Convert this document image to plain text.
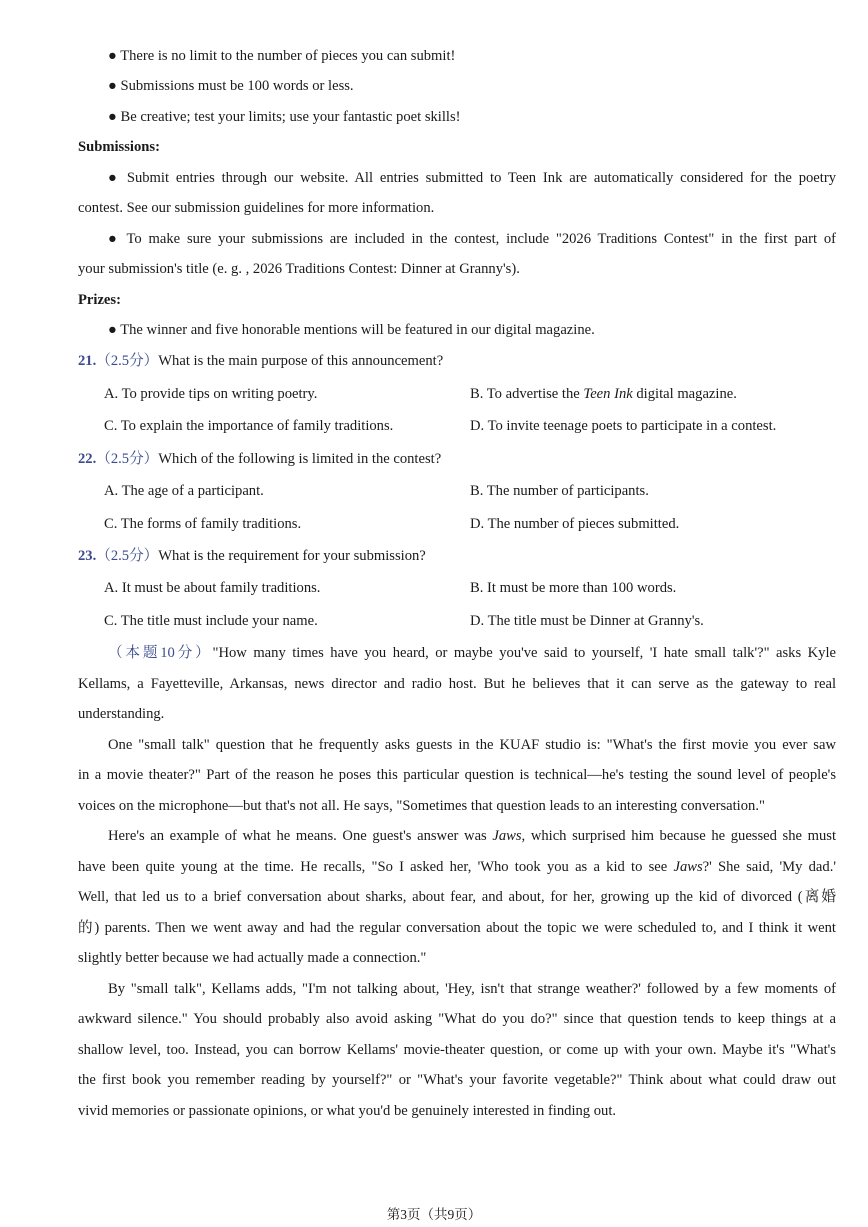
● There is no limit to the number of pieces you can submit!
● Submissions must be 100 words or less.
● Be creative; test your limits; use your fantastic poet skills!
Submissions:
● Submit entries through our website. All entries submitted to Teen Ink are automatically considered for the poetry
contest. See our submission guidelines for more information.
● To make sure your submissions are included in the contest, include "2026 Traditions Contest" in the first part of
your submission's title (e. g. , 2026 Traditions Contest: Dinner at Granny's).
Prizes:
● The winner and five honorable mentions will be featured in our digital magazine.
21.（2.5分）What is the main purpose of this announcement?
A. To provide tips on writing poetry.	B. To advertise the Teen Ink digital magazine.
C. To explain the importance of family traditions.	D. To invite teenage poets to participate in a contest.
22.（2.5分）Which of the following is limited in the contest?
A. The age of a participant.	B. The number of participants.
C. The forms of family traditions.	D. The number of pieces submitted.
23.（2.5分）What is the requirement for your submission?
A. It must be about family traditions.	B. It must be more than 100 words.
C. The title must include your name.	D. The title must be Dinner at Granny's.
（本题10分）"How many times have you heard, or maybe you've said to yourself, 'I hate small talk'?" asks Kyle
Kellams, a Fayetteville, Arkansas, news director and radio host. But he believes that it can serve as the gateway to real
understanding.
One "small talk" question that he frequently asks guests in the KUAF studio is: "What's the first movie you ever saw
in a movie theater?" Part of the reason he poses this particular question is technical—he's testing the sound level of people's
voices on the microphone—but that's not all. He says, "Sometimes that question leads to an interesting conversation."
Here's an example of what he means. One guest's answer was Jaws, which surprised him because he guessed she must
have been quite young at the time. He recalls, "So I asked her, 'Who took you as a kid to see Jaws?' She said, 'My dad.'
Well, that led us to a brief conversation about sharks, about fear, and about, for her, growing up the kid of divorced (离婚
的) parents. Then we went away and had the regular conversation about the topic we were scheduled to, and I think it went
slightly better because we had actually made a connection."
By "small talk", Kellams adds, "I'm not talking about, 'Hey, isn't that strange weather?' followed by a few moments of
awkward silence." You should probably also avoid asking "What do you do?" since that question tends to keep things at a
shallow level, too. Instead, you can borrow Kellams' movie-theater question, or come up with your own. Maybe it's "What's
the first book you remember reading by yourself?" or "What's your favorite vegetable?" Think about what could draw out
vivid memories or passionate opinions, or what you'd be genuinely interested in finding out.
第3页（共9页）
